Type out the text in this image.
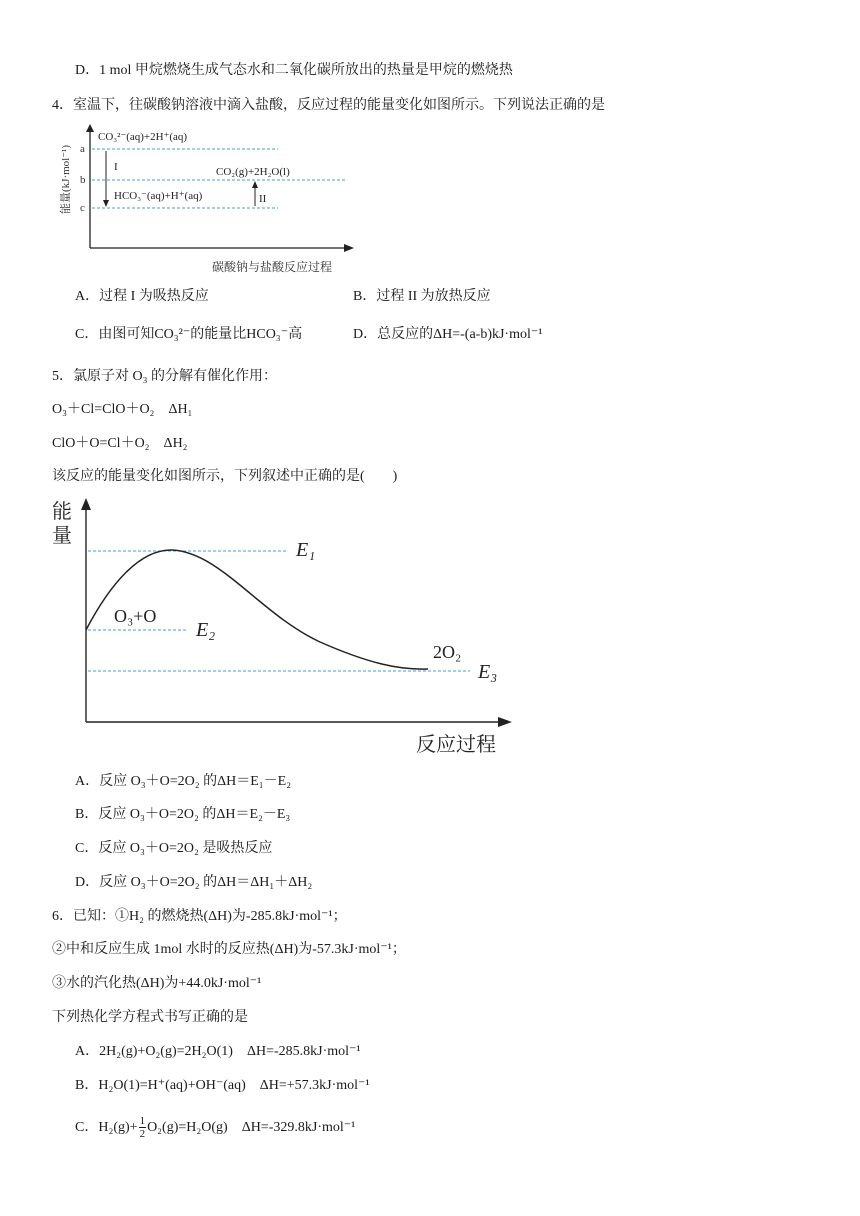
D．1 mol 甲烷燃烧生成气态水和二氧化碳所放出的热量是甲烷的燃烧热
4．室温下，往碳酸钠溶液中滴入盐酸，反应过程的能量变化如图所示。下列说法正确的是
能量(kJ·mol⁻¹) a
b
c
CO₃²⁻(aq)+2H⁺(aq)
CO₂(g)+2H₂O(l)
HCO₃⁻(aq)+H⁺(aq)
I
II
碳酸钠与盐酸反应过程
A．过程 I 为吸热反应	B．过程 II 为放热反应
C．由图可知CO₃²⁻的能量比HCO₃⁻高	D．总反应的ΔH=-(a-b)kJ·mol⁻¹
5．氯原子对 O₃ 的分解有催化作用：
O₃＋Cl=ClO＋O₂　ΔH₁
ClO＋O=Cl＋O₂　ΔH₂
该反应的能量变化如图所示，下列叙述中正确的是(　　)
能
量
E₁
E₂
E₃
O₃+O
2O₂
反应过程
A．反应 O₃＋O=2O₂ 的ΔH＝E₁－E₂
B．反应 O₃＋O=2O₂ 的ΔH＝E₂－E₃
C．反应 O₃＋O=2O₂ 是吸热反应
D．反应 O₃＋O=2O₂ 的ΔH＝ΔH₁＋ΔH₂
6．已知：①H₂ 的燃烧热(ΔH)为-285.8kJ·mol⁻¹；
②中和反应生成 1mol 水时的反应热(ΔH)为-57.3kJ·mol⁻¹；
③水的汽化热(ΔH)为+44.0kJ·mol⁻¹
下列热化学方程式书写正确的是
A．2H₂(g)+O₂(g)=2H₂O(1)　ΔH=-285.8kJ·mol⁻¹
B．H₂O(1)=H⁺(aq)+OH⁻(aq)　ΔH=+57.3kJ·mol⁻¹
C．$H_2(g)+ \frac{1}{2} O_2(g)=H_2O(g)$　ΔH=-329.8kJ·mol⁻¹
